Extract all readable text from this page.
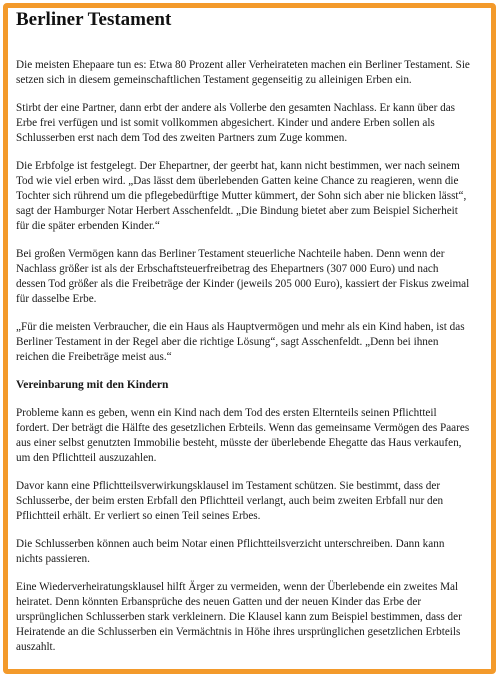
Berliner Testament

Die meisten Ehepaare tun es: Etwa 80 Prozent aller Verheirateten machen ein Berliner Testament. Sie setzen sich in diesem gemeinschaftlichen Testament gegenseitig zu alleinigen Erben ein.

Stirbt der eine Partner, dann erbt der andere als Vollerbe den gesamten Nachlass. Er kann über das Erbe frei verfügen und ist somit vollkommen abgesichert. Kinder und andere Erben sollen als Schlusserben erst nach dem Tod des zweiten Partners zum Zuge kommen.

Die Erbfolge ist festgelegt. Der Ehepartner, der geerbt hat, kann nicht bestimmen, wer nach seinem Tod wie viel erben wird. „Das lässt dem überlebenden Gatten keine Chance zu reagieren, wenn die Tochter sich rührend um die pflegebedürftige Mutter kümmert, der Sohn sich aber nie blicken lässt“, sagt der Hamburger Notar Herbert Asschenfeldt. „Die Bindung bietet aber zum Beispiel Sicherheit für die später erbenden Kinder.“

Bei großen Vermögen kann das Berliner Testament steuerliche Nachteile haben. Denn wenn der Nachlass größer ist als der Erbschaftsteuerfreibetrag des Ehepartners (307 000 Euro) und nach dessen Tod größer als die Freibeträge der Kinder (jeweils 205 000 Euro), kassiert der Fiskus zweimal für dasselbe Erbe.

„Für die meisten Verbraucher, die ein Haus als Hauptvermögen und mehr als ein Kind haben, ist das Berliner Testament in der Regel aber die richtige Lösung“, sagt Asschenfeldt. „Denn bei ihnen reichen die Freibeträge meist aus.“

Vereinbarung mit den Kindern

Probleme kann es geben, wenn ein Kind nach dem Tod des ersten Elternteils seinen Pflichtteil fordert. Der beträgt die Hälfte des gesetzlichen Erbteils. Wenn das gemeinsame Vermögen des Paares aus einer selbst genutzten Immobilie besteht, müsste der überlebende Ehegatte das Haus verkaufen, um den Pflichtteil auszuzahlen.

Davor kann eine Pflichtteilsverwirkungsklausel im Testament schützen. Sie bestimmt, dass der Schlusserbe, der beim ersten Erbfall den Pflichtteil verlangt, auch beim zweiten Erbfall nur den Pflichtteil erhält. Er verliert so einen Teil seines Erbes.

Die Schlusserben können auch beim Notar einen Pflichtteilsverzicht unterschreiben. Dann kann nichts passieren.

Eine Wiederverheiratungsklausel hilft Ärger zu vermeiden, wenn der Überlebende ein zweites Mal heiratet. Denn könnten Erbansprüche des neuen Gatten und der neuen Kinder das Erbe der ursprünglichen Schlusserben stark verkleinern. Die Klausel kann zum Beispiel bestimmen, dass der Heiratende an die Schlusserben ein Vermächtnis in Höhe ihres ursprünglichen gesetzlichen Erbteils auszahlt.
